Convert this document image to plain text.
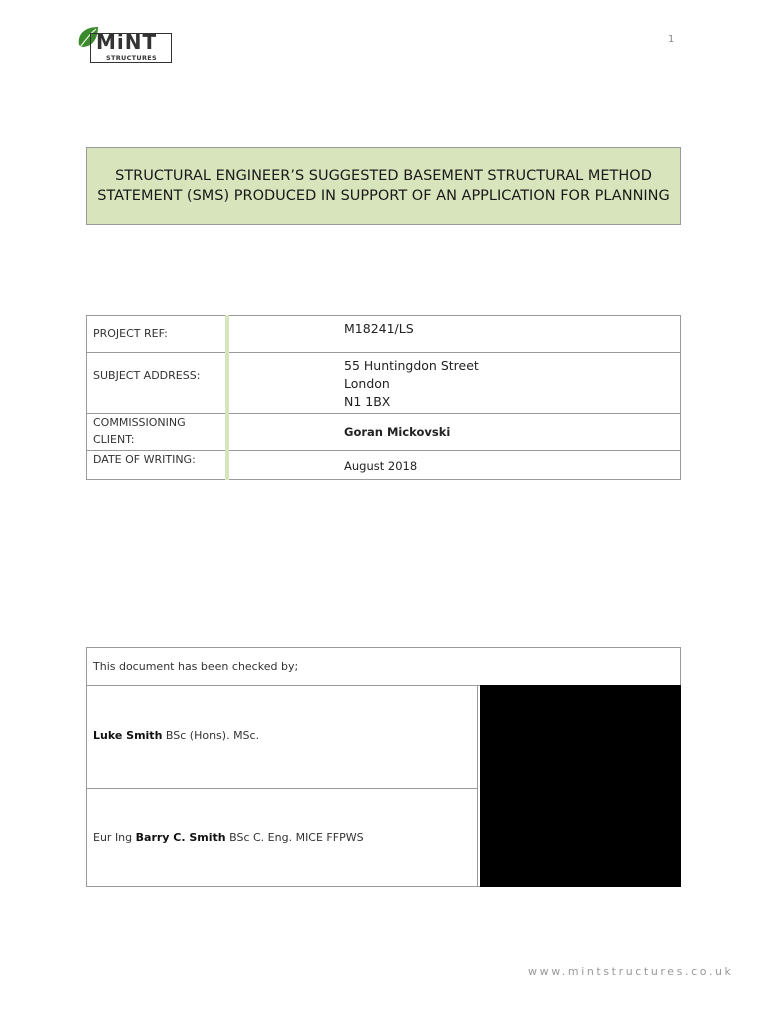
MiNT
STRUCTURES
1
STRUCTURAL ENGINEER’S SUGGESTED BASEMENT STRUCTURAL METHOD STATEMENT (SMS) PRODUCED IN SUPPORT OF AN APPLICATION FOR PLANNING
PROJECT REF:	M18241/LS

SUBJECT ADDRESS:	55 Huntingdon Street
London
N1 1BX

COMMISSIONING CLIENT:	Goran Mickovski

DATE OF WRITING:	August 2018
This document has been checked by;
Luke Smith BSc (Hons). MSc.
Eur Ing Barry C. Smith BSc C. Eng. MICE FFPWS
www.mintstructures.co.uk
